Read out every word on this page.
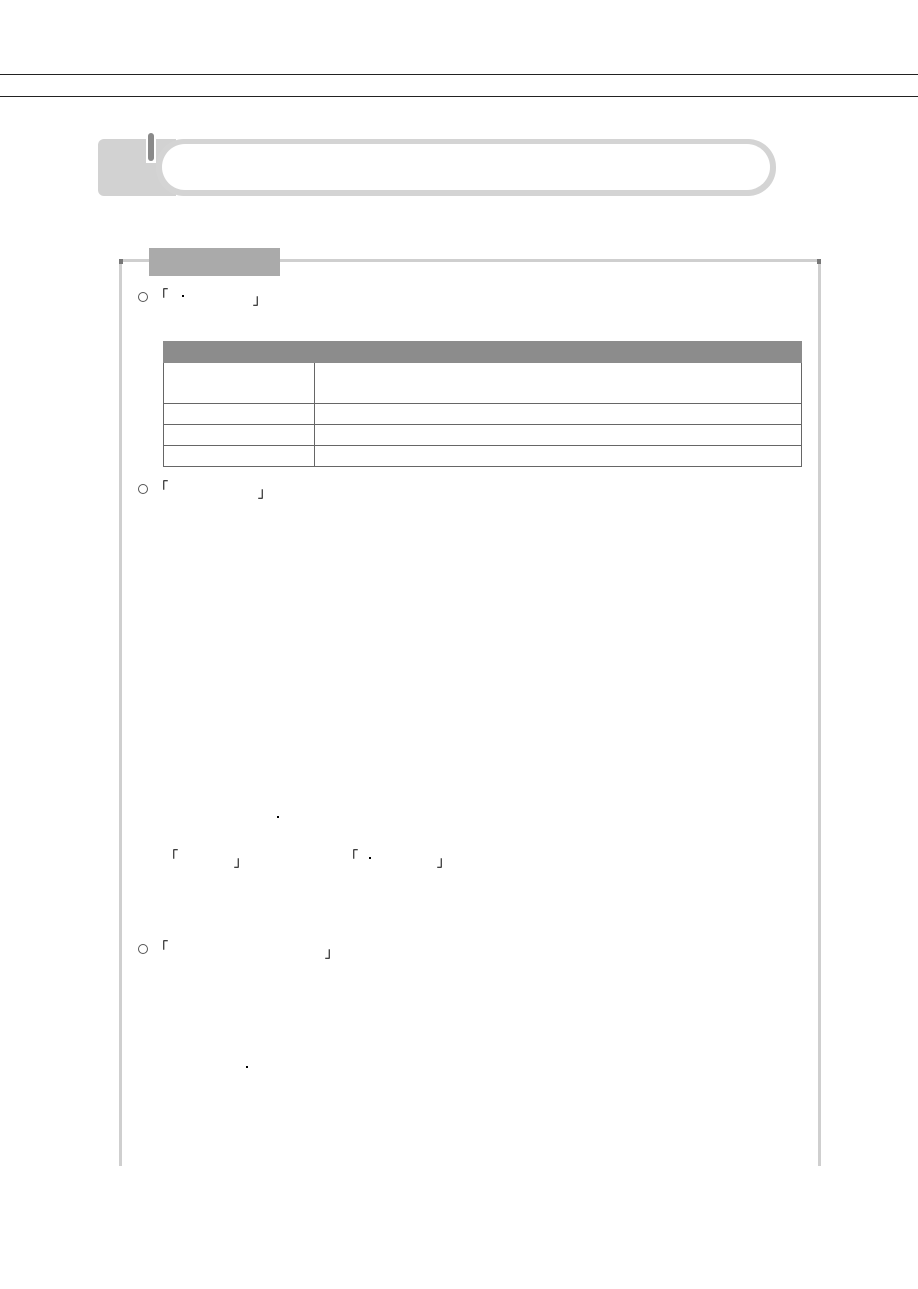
「	」

「	」
「	」	「	」
「	」
